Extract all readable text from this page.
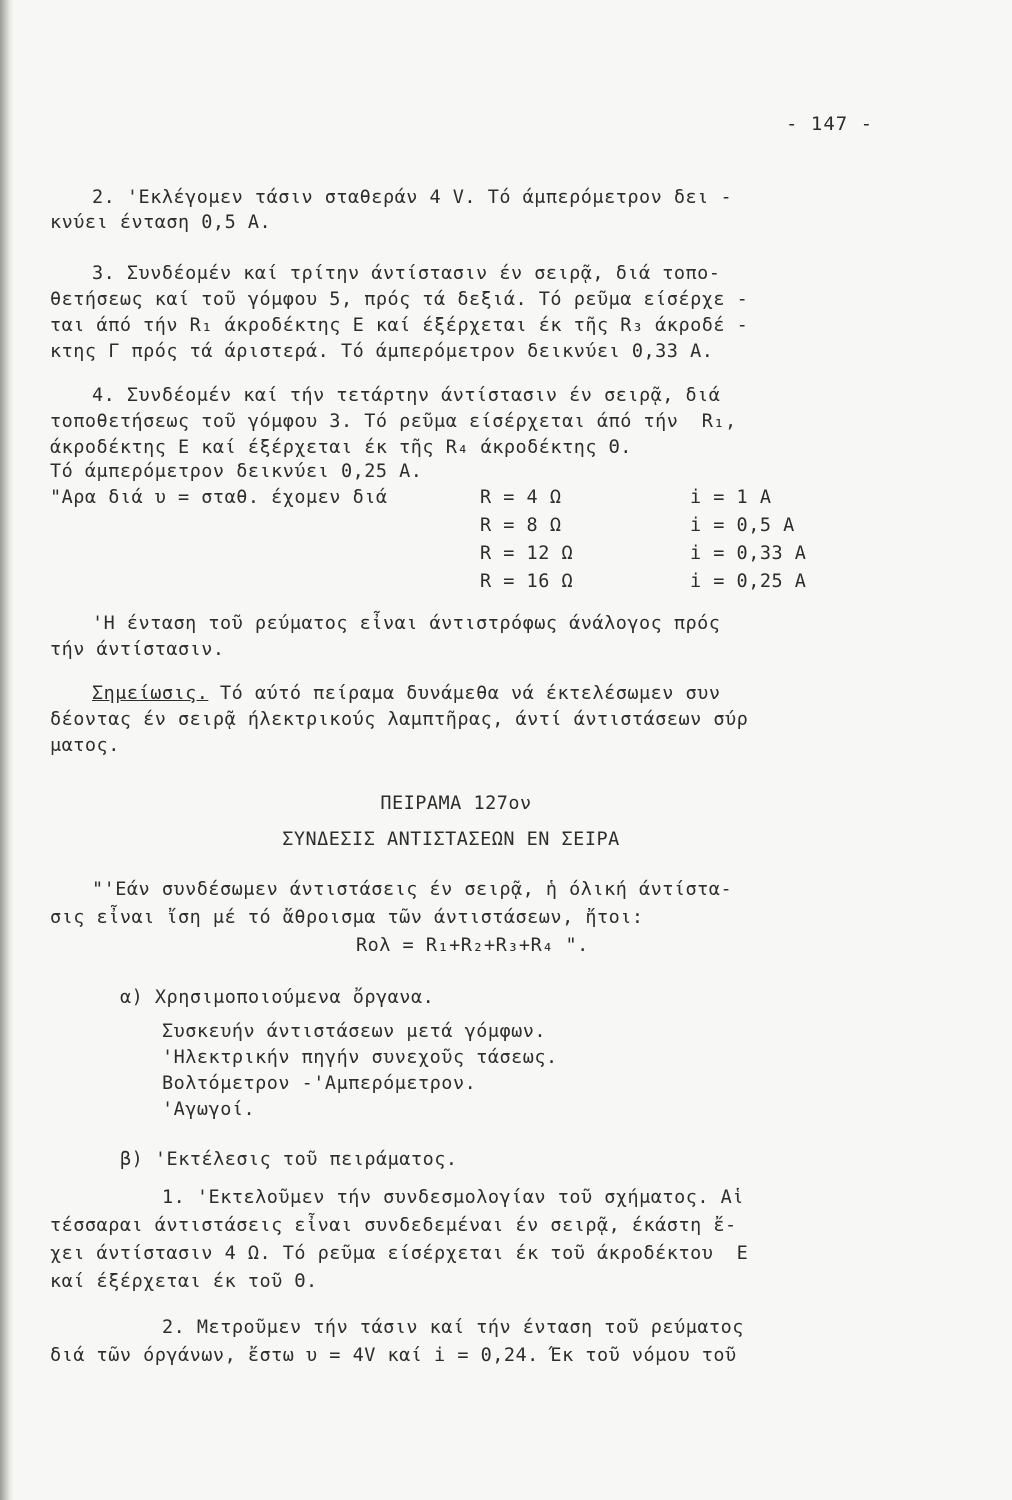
- 147 -
2. 'Εκλέγομεν τάσιν σταθεράν 4 V. Τό άμπερόμετρον δει -
κνύει ένταση 0,5 Α.
3. Συνδέομέν καί τρίτην άντίστασιν έν σειρᾷ, διά τοπο-
θετήσεως καί τοῦ γόμφου 5, πρός τά δεξιά. Τό ρεῦμα είσέρχε -
ται άπό τήν R₁ άκροδέκτης Ε καί έξέρχεται έκ τῆς R₃ άκροδέ -
κτης Γ πρός τά άριστερά. Τό άμπερόμετρον δεικνύει 0,33 Α.
4. Συνδέομέν καί τήν τετάρτην άντίστασιν έν σειρᾷ, διά
τοποθετήσεως τοῦ γόμφου 3. Τό ρεῦμα είσέρχεται άπό τήν  R₁,
άκροδέκτης Ε καί έξέρχεται έκ τῆς R₄ άκροδέκτης Θ.
Τό άμπερόμετρον δεικνύει 0,25 Α.
"Αρα διά υ = σταθ. έχομεν διά	R = 4 Ω	i = 1 Α
R = 8 Ω	i = 0,5 Α
R = 12 Ω	i = 0,33 Α
R = 16 Ω	i = 0,25 Α
'Η ένταση τοῦ ρεύματος εἶναι άντιστρόφως άνάλογος πρός
τήν άντίστασιν.
Σημείωσις. Τό αύτό πείραμα δυνάμεθα νά έκτελέσωμεν συν
δέοντας έν σειρᾷ ήλεκτρικούς λαμπτῆρας, άντί άντιστάσεων σύρ
ματος.
ΠΕΙΡΑΜΑ 127ον
ΣΥΝΔΕΣΙΣ ΑΝΤΙΣΤΑΣΕΩΝ ΕΝ ΣΕΙΡΑ
"'Εάν συνδέσωμεν άντιστάσεις έν σειρᾷ, ἡ όλική άντίστα-
σις εἶναι ἴση μέ τό ἄθροισμα τῶν άντιστάσεων, ἤτοι:
Rολ = R₁+R₂+R₃+R₄ ".
α) Χρησιμοποιούμενα ὄργανα.
Συσκευήν άντιστάσεων μετά γόμφων.
'Ηλεκτρικήν πηγήν συνεχοῦς τάσεως.
Βολτόμετρον -'Αμπερόμετρον.
'Αγωγοί.
β) 'Εκτέλεσις τοῦ πειράματος.
1. 'Εκτελοῦμεν τήν συνδεσμολογίαν τοῦ σχήματος. Αἱ
τέσσαραι άντιστάσεις εἶναι συνδεδεμέναι έν σειρᾷ, έκάστη ἔ-
χει άντίστασιν 4 Ω. Τό ρεῦμα είσέρχεται έκ τοῦ άκροδέκτου  Ε
καί έξέρχεται έκ τοῦ Θ.
2. Μετροῦμεν τήν τάσιν καί τήν ένταση τοῦ ρεύματος
διά τῶν όργάνων, ἔστω υ = 4V καί i = 0,24. Έκ τοῦ νόμου τοῦ
